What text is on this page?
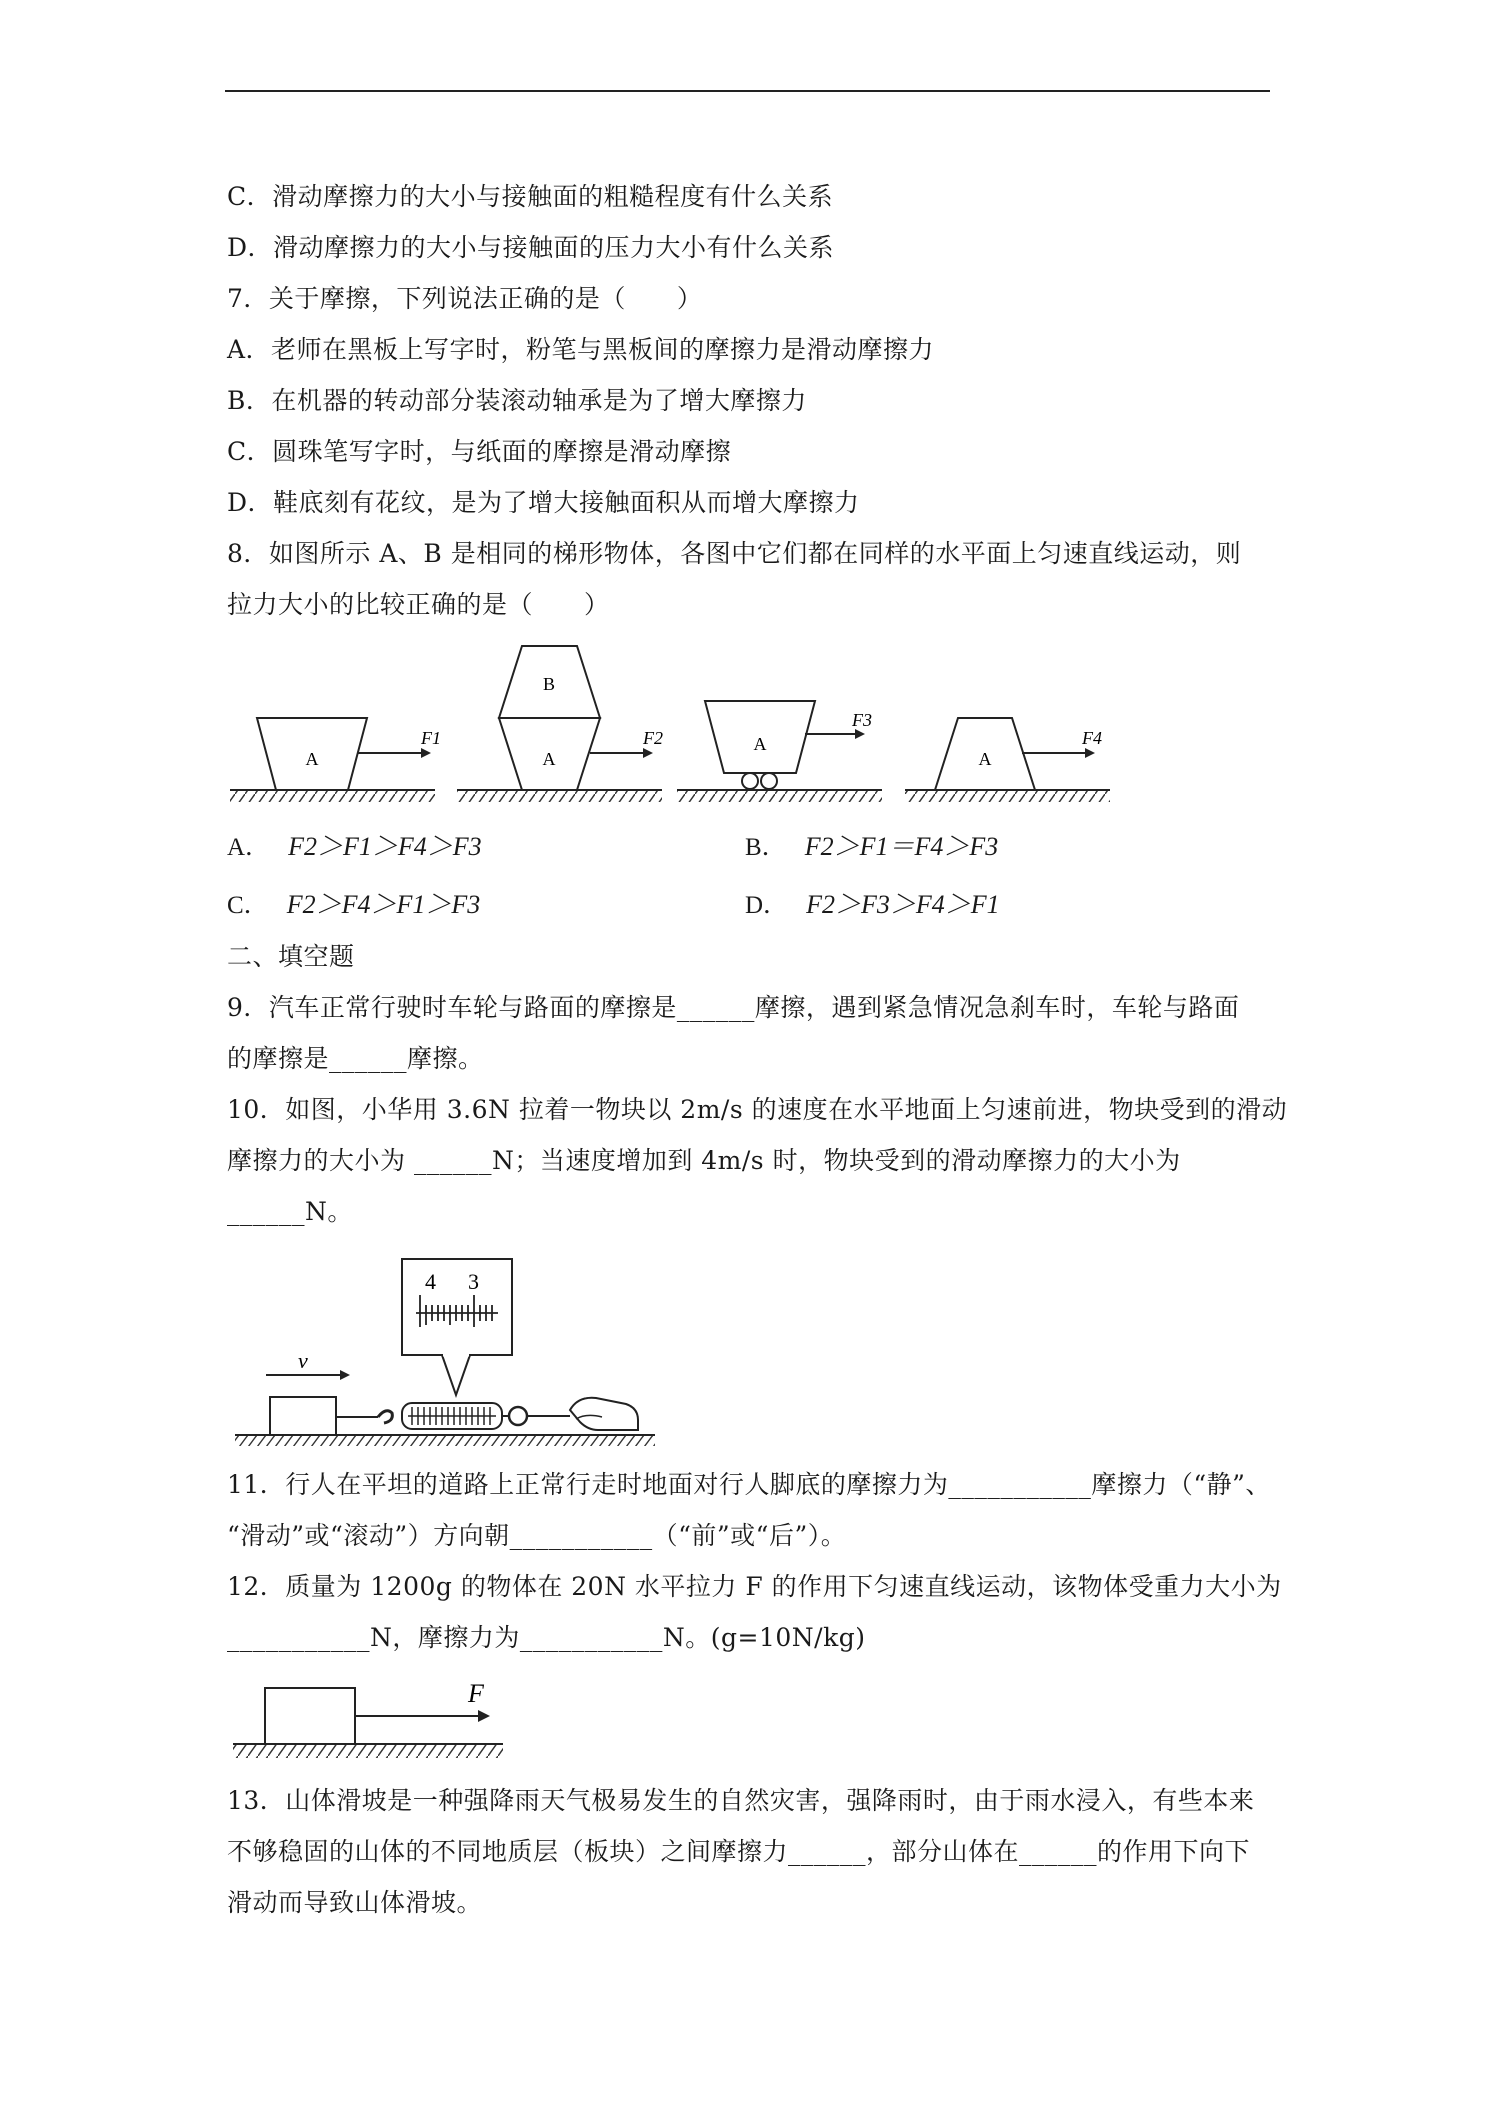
C．滑动摩擦力的大小与接触面的粗糙程度有什么关系
D．滑动摩擦力的大小与接触面的压力大小有什么关系
7．关于摩擦，下列说法正确的是（　　）
A．老师在黑板上写字时，粉笔与黑板间的摩擦力是滑动摩擦力
B．在机器的转动部分装滚动轴承是为了增大摩擦力
C．圆珠笔写字时，与纸面的摩擦是滑动摩擦
D．鞋底刻有花纹，是为了增大接触面积从而增大摩擦力
8．如图所示 A、B 是相同的梯形物体，各图中它们都在同样的水平面上匀速直线运动，则
拉力大小的比较正确的是（　　）
A
F1
B
A
F2	A
F3
A
F4
A． F2＞F1＞F4＞F3	B． F2＞F1＝F4＞F3
C． F2＞F4＞F1＞F3	D． F2＞F3＞F4＞F1
二、填空题
9．汽车正常行驶时车轮与路面的摩擦是______摩擦，遇到紧急情况急刹车时，车轮与路面
的摩擦是______摩擦。
10．如图，小华用 3.6N 拉着一物块以 2m/s 的速度在水平地面上匀速前进，物块受到的滑动
摩擦力的大小为 ______N；当速度增加到 4m/s 时，物块受到的滑动摩擦力的大小为
______N。
v
4 3
11．行人在平坦的道路上正常行走时地面对行人脚底的摩擦力为___________摩擦力（“静”、
“滑动”或“滚动”）方向朝___________（“前”或“后”）。
12．质量为 1200g 的物体在 20N 水平拉力 F 的作用下匀速直线运动，该物体受重力大小为
___________N，摩擦力为___________N。(g=10N/kg)
F
13．山体滑坡是一种强降雨天气极易发生的自然灾害，强降雨时，由于雨水浸入，有些本来
不够稳固的山体的不同地质层（板块）之间摩擦力______，部分山体在______的作用下向下
滑动而导致山体滑坡。
